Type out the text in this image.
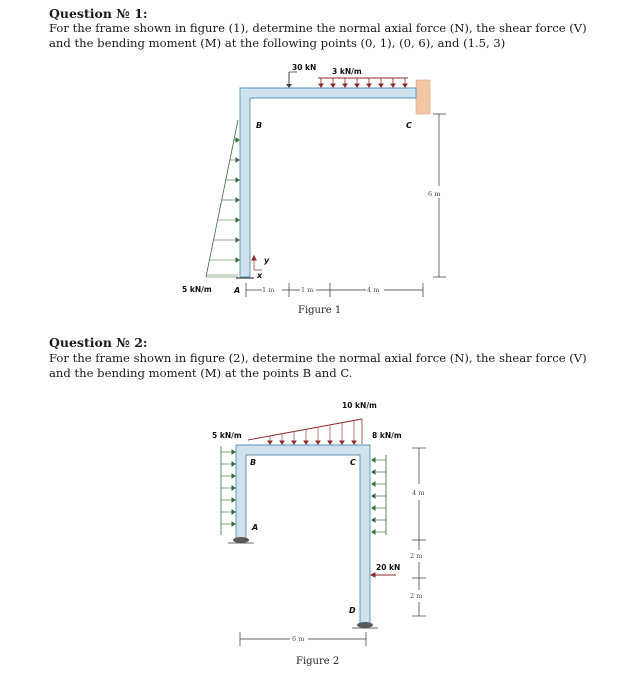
Question № 1:
For the frame shown in figure (1), determine the normal axial force (N), the shear force (V) and the bending moment (M) at the following points (0, 1), (0, 6), and (1.5, 3)
30 kN 3 kN/m
5 kN/m
y
x
A
B	C
6 m
1 m	1 m	4 m
Figure 1
Question № 2:
For the frame shown in figure (2), determine the normal axial force (N), the shear force (V) and the bending moment (M) at the points B and C.
10 kN/m
5 kN/m	8 kN/m
20 kN
A
B	C
D
4 m
2 m
2 m
6 m
Figure 2
